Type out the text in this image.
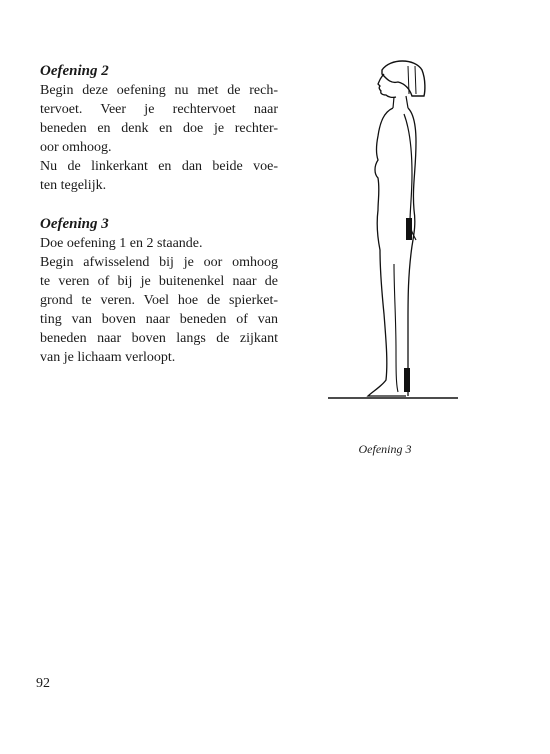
Oefening 2

Begin deze oefening nu met de rech-
tervoet. Veer je rechtervoet naar
beneden en denk en doe je rechter-
oor omhoog.
Nu de linkerkant en dan beide voe-
ten tegelijk.

Oefening 3

Doe oefening 1 en 2 staande.
Begin afwisselend bij je oor omhoog
te veren of bij je buitenenkel naar de
grond te veren. Voel hoe de spierket-
ting van boven naar beneden of van
beneden naar boven langs de zijkant
van je lichaam verloopt.

Oefening 3
92
